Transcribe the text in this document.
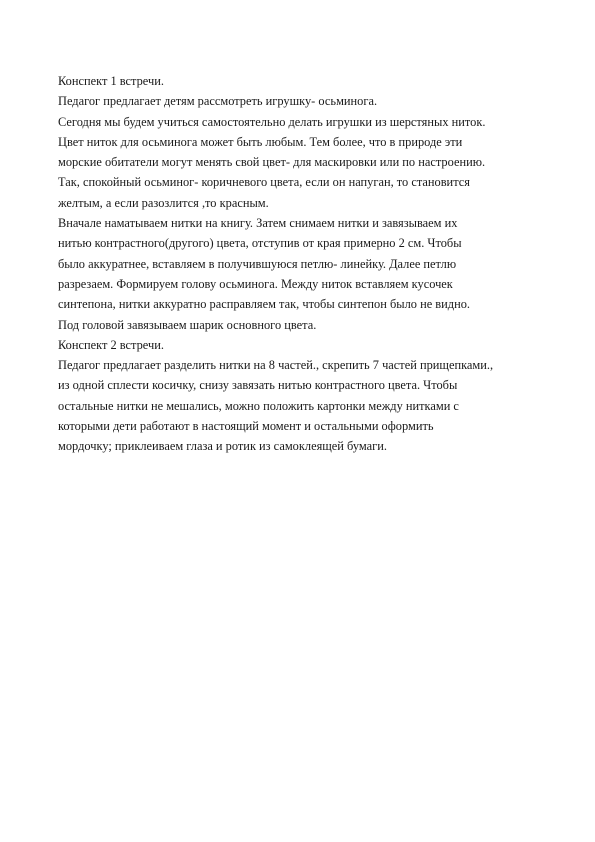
Конспект 1 встречи.
Педагог предлагает детям рассмотреть игрушку- осьминога.
Сегодня мы будем учиться самостоятельно делать игрушки из шерстяных ниток.
Цвет ниток для осьминога может быть любым. Тем более, что в природе эти
морские обитатели могут менять свой цвет- для маскировки или по настроению.
Так, спокойный осьминог- коричневого цвета, если он напуган, то становится
желтым, а если разозлится ,то красным.
Вначале наматываем нитки на книгу. Затем снимаем нитки и завязываем их
нитью контрастного(другого) цвета, отступив от края примерно 2 см. Чтобы
было аккуратнее, вставляем в получившуюся петлю- линейку. Далее петлю
разрезаем. Формируем голову осьминога. Между ниток вставляем кусочек
синтепона, нитки аккуратно расправляем так, чтобы синтепон было не видно.
Под головой завязываем шарик основного цвета.
Конспект 2 встречи.
Педагог предлагает разделить нитки на 8 частей., скрепить 7 частей прищепками.,
из одной сплести косичку, снизу завязать нитью контрастного цвета. Чтобы
остальные нитки не мешались, можно положить картонки между нитками с
которыми дети работают в настоящий момент и остальными оформить
мордочку; приклеиваем глаза и ротик из самоклеящей бумаги.
